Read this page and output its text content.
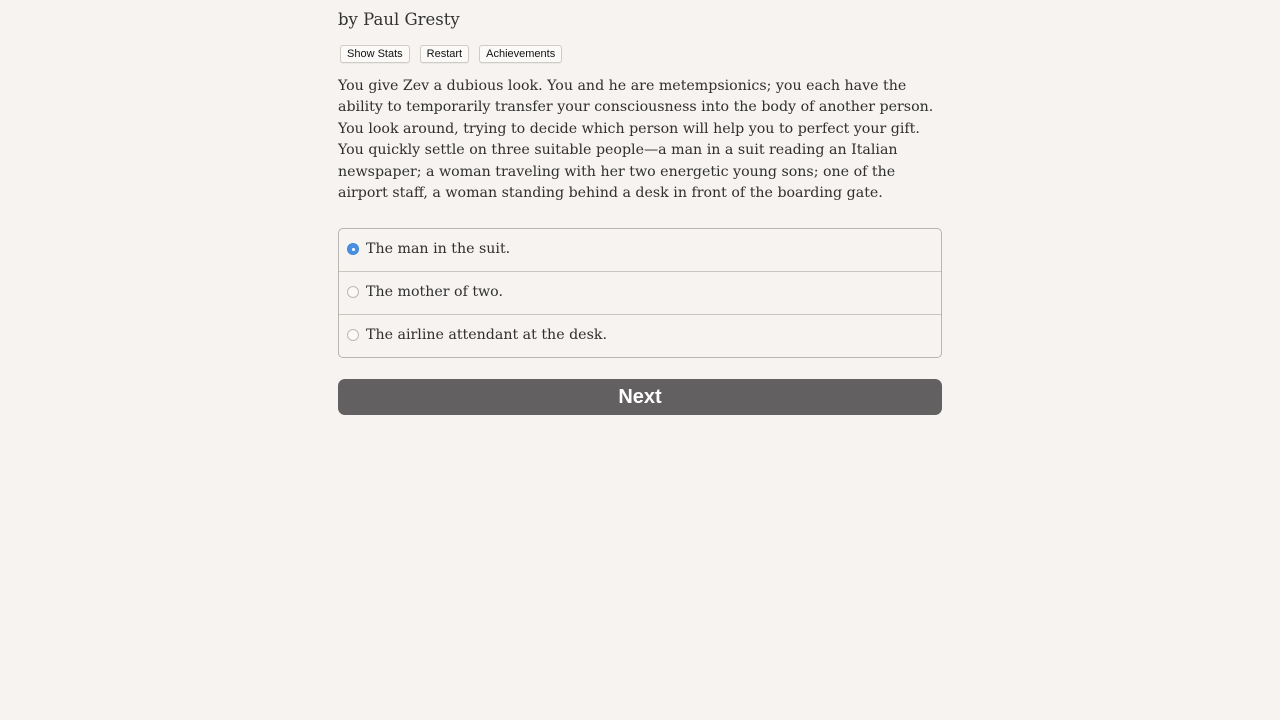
by Paul Gresty
Show Stats	Restart	Achievements

You give Zev a dubious look. You and he are metempsionics; you each have the ability to temporarily transfer your consciousness into the body of another person. You look around, trying to decide which person will help you to perfect your gift. You quickly settle on three suitable people—a man in a suit reading an Italian newspaper; a woman traveling with her two energetic young sons; one of the airport staff, a woman standing behind a desk in front of the boarding gate.

The man in the suit.
The mother of two.
The airline attendant at the desk.
Next
